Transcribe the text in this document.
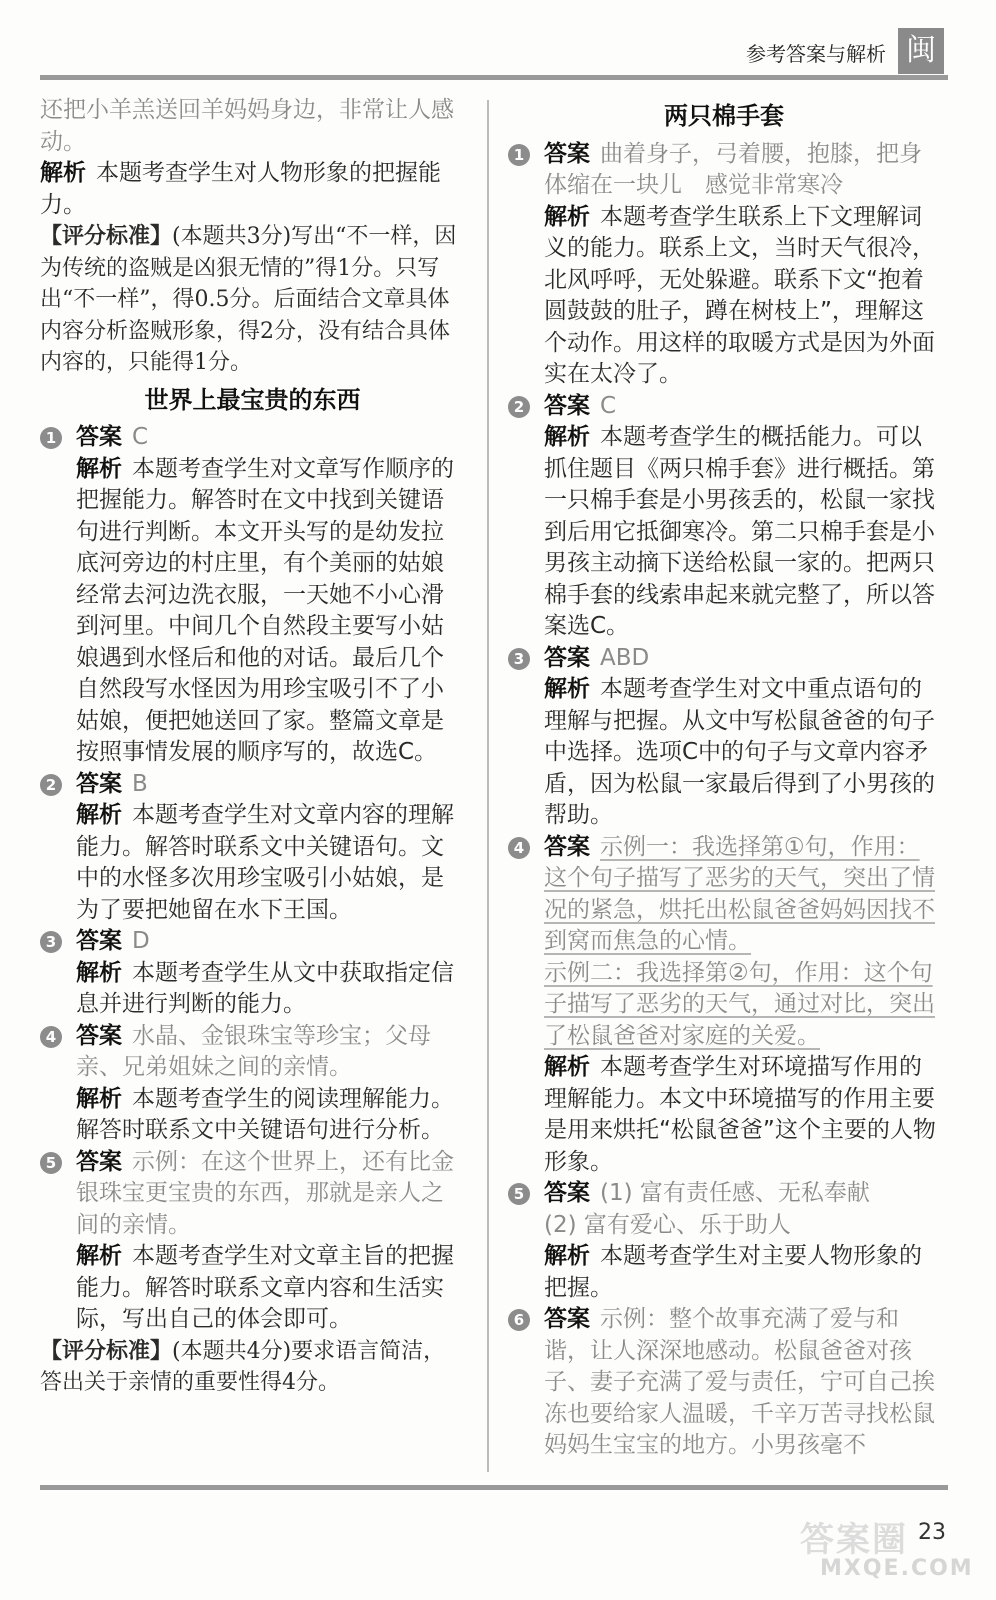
参考答案与解析 闽

还把小羊羔送回羊妈妈身边，非常让人感动。

解析 本题考查学生对人物形象的把握能力。

【评分标准】(本题共3分)写出“不一样，因为传统的盗贼是凶狠无情的”得1分。只写出“不一样”，得0.5分。后面结合文章具体内容分析盗贼形象，得2分，没有结合具体内容的，只能得1分。

世界上最宝贵的东西
1 答案 C

解析 本题考查学生对文章写作顺序的把握能力。解答时在文中找到关键语句进行判断。本文开头写的是幼发拉底河旁边的村庄里，有个美丽的姑娘经常去河边洗衣服，一天她不小心滑到河里。中间几个自然段主要写小姑娘遇到水怪后和他的对话。最后几个自然段写水怪因为用珍宝吸引不了小姑娘，便把她送回了家。整篇文章是按照事情发展的顺序写的，故选C。

2 答案 B

解析 本题考查学生对文章内容的理解能力。解答时联系文中关键语句。文中的水怪多次用珍宝吸引小姑娘，是为了要把她留在水下王国。

3 答案 D

解析 本题考查学生从文中获取指定信息并进行判断的能力。

4 答案 水晶、金银珠宝等珍宝；父母亲、兄弟姐妹之间的亲情。

解析 本题考查学生的阅读理解能力。解答时联系文中关键语句进行分析。

5 答案 示例：在这个世界上，还有比金银珠宝更宝贵的东西，那就是亲人之间的亲情。

解析 本题考查学生对文章主旨的把握能力。解答时联系文章内容和生活实际，写出自己的体会即可。

【评分标准】(本题共4分)要求语言简洁，答出关于亲情的重要性得4分。

两只棉手套
1 答案 曲着身子，弓着腰，抱膝，把身体缩在一块儿　感觉非常寒冷

解析 本题考查学生联系上下文理解词义的能力。联系上文，当时天气很冷，北风呼呼，无处躲避。联系下文“抱着圆鼓鼓的肚子，蹲在树枝上”，理解这个动作。用这样的取暖方式是因为外面实在太冷了。

2 答案 C

解析 本题考查学生的概括能力。可以抓住题目《两只棉手套》进行概括。第一只棉手套是小男孩丢的，松鼠一家找到后用它抵御寒冷。第二只棉手套是小男孩主动摘下送给松鼠一家的。把两只棉手套的线索串起来就完整了，所以答案选C。

3 答案 ABD

解析 本题考查学生对文中重点语句的理解与把握。从文中写松鼠爸爸的句子中选择。选项C中的句子与文章内容矛盾，因为松鼠一家最后得到了小男孩的帮助。

4 答案 示例一：我选择第①句，作用：这个句子描写了恶劣的天气，突出了情况的紧急，烘托出松鼠爸爸妈妈因找不到窝而焦急的心情。

示例二：我选择第②句，作用：这个句子描写了恶劣的天气，通过对比，突出了松鼠爸爸对家庭的关爱。

解析 本题考查学生对环境描写作用的理解能力。本文中环境描写的作用主要是用来烘托“松鼠爸爸”这个主要的人物形象。

5 答案 (1) 富有责任感、无私奉献

(2) 富有爱心、乐于助人

解析 本题考查学生对主要人物形象的把握。

6 答案 示例：整个故事充满了爱与和谐，让人深深地感动。松鼠爸爸对孩子、妻子充满了爱与责任，宁可自己挨冻也要给家人温暖，千辛万苦寻找松鼠妈妈生宝宝的地方。小男孩毫不

答案圈
MXQE.COM
23
